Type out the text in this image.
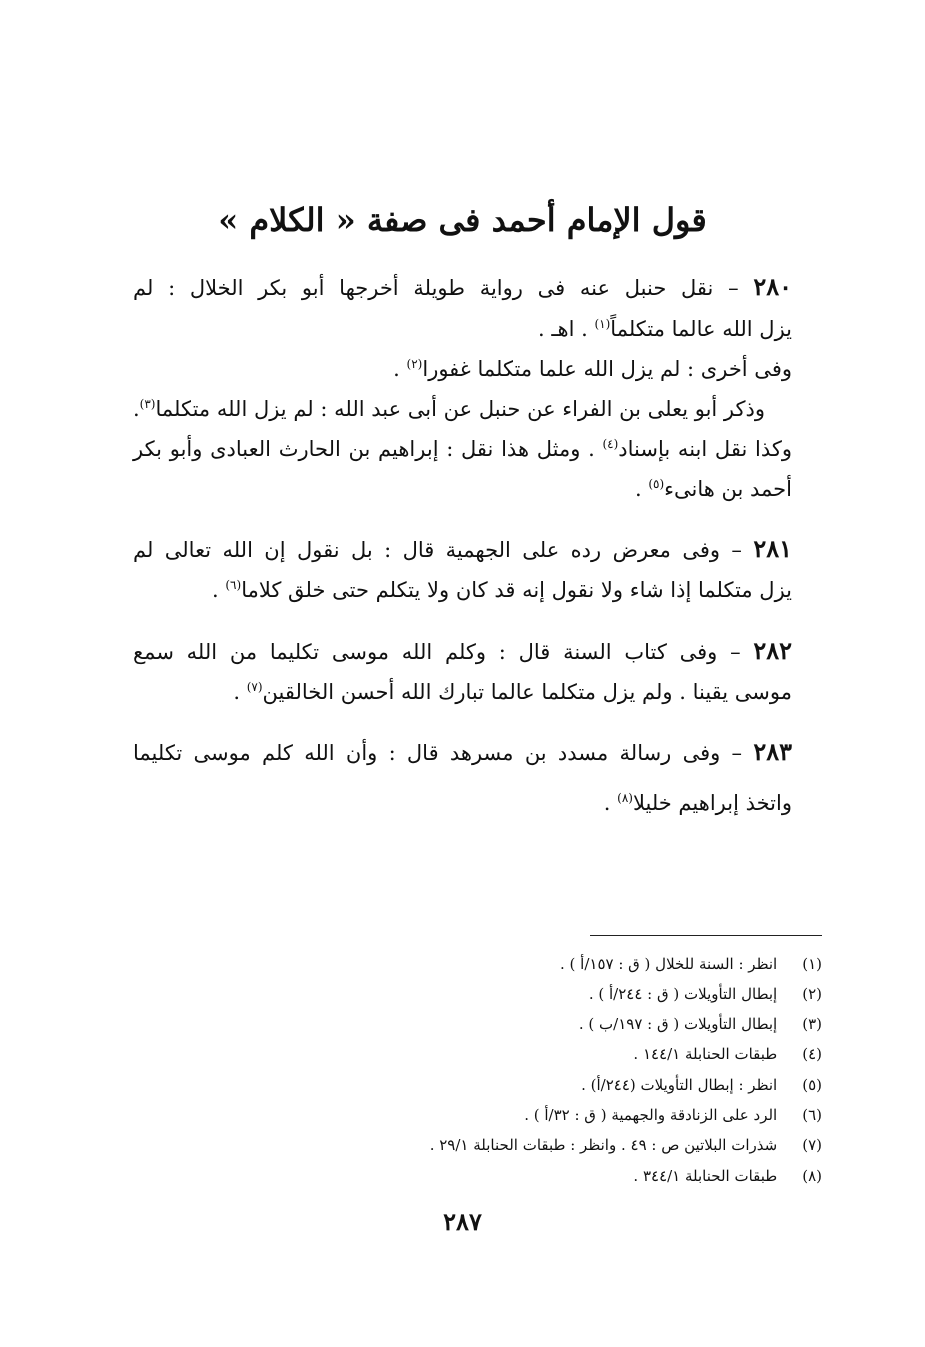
قول الإمام أحمد فى صفة « الكلام »
٢٨٠ – نقل حنبل عنه فى رواية طويلة أخرجها أبو بكر الخلال : لم
يزل الله عالما متكلماً$^{(١)}$ . اهـ .
وفى أخرى : لم يزل الله علما متكلما غفورا$^{(٢)}$ .
وذكر أبو يعلى بن الفراء عن حنبل عن أبى عبد الله : لم يزل الله متكلما$^{(٣)}$.
وكذا نقل ابنه بإسناد$^{(٤)}$ . ومثل هذا نقل : إبراهيم بن الحارث العبادى وأبو بكر
أحمد بن هانىء$^{(٥)}$ .
٢٨١ – وفى معرض رده على الجهمية قال : بل نقول إن الله تعالى لم
يزل متكلما إذا شاء ولا نقول إنه قد كان ولا يتكلم حتى خلق كلاما$^{(٦)}$ .
٢٨٢ – وفى كتاب السنة قال : وكلم الله موسى تكليما من الله سمع
موسى يقينا . ولم يزل متكلما عالما تبارك الله أحسن الخالقين$^{(٧)}$ .
٢٨٣ – وفى رسالة مسدد بن مسرهد قال : وأن الله كلم موسى تكليما
واتخذ إبراهيم خليلا$^{(٨)}$ .
(١) انظر : السنة للخلال ( ق : ١٥٧/أ ) .
(٢) إبطال التأويلات ( ق : ٢٤٤/أ ) .
(٣) إبطال التأويلات ( ق : ١٩٧/ب ) .
(٤) طبقات الحنابلة ١٤٤/١ .
(٥) انظر : إبطال التأويلات (٢٤٤/أ) .
(٦) الرد على الزنادقة والجهمية ( ق : ٣٢/أ ) .
(٧) شذرات البلاتين ص : ٤٩ . وانظر : طبقات الحنابلة ٢٩/١ .
(٨) طبقات الحنابلة ٣٤٤/١ .
٢٨٧
